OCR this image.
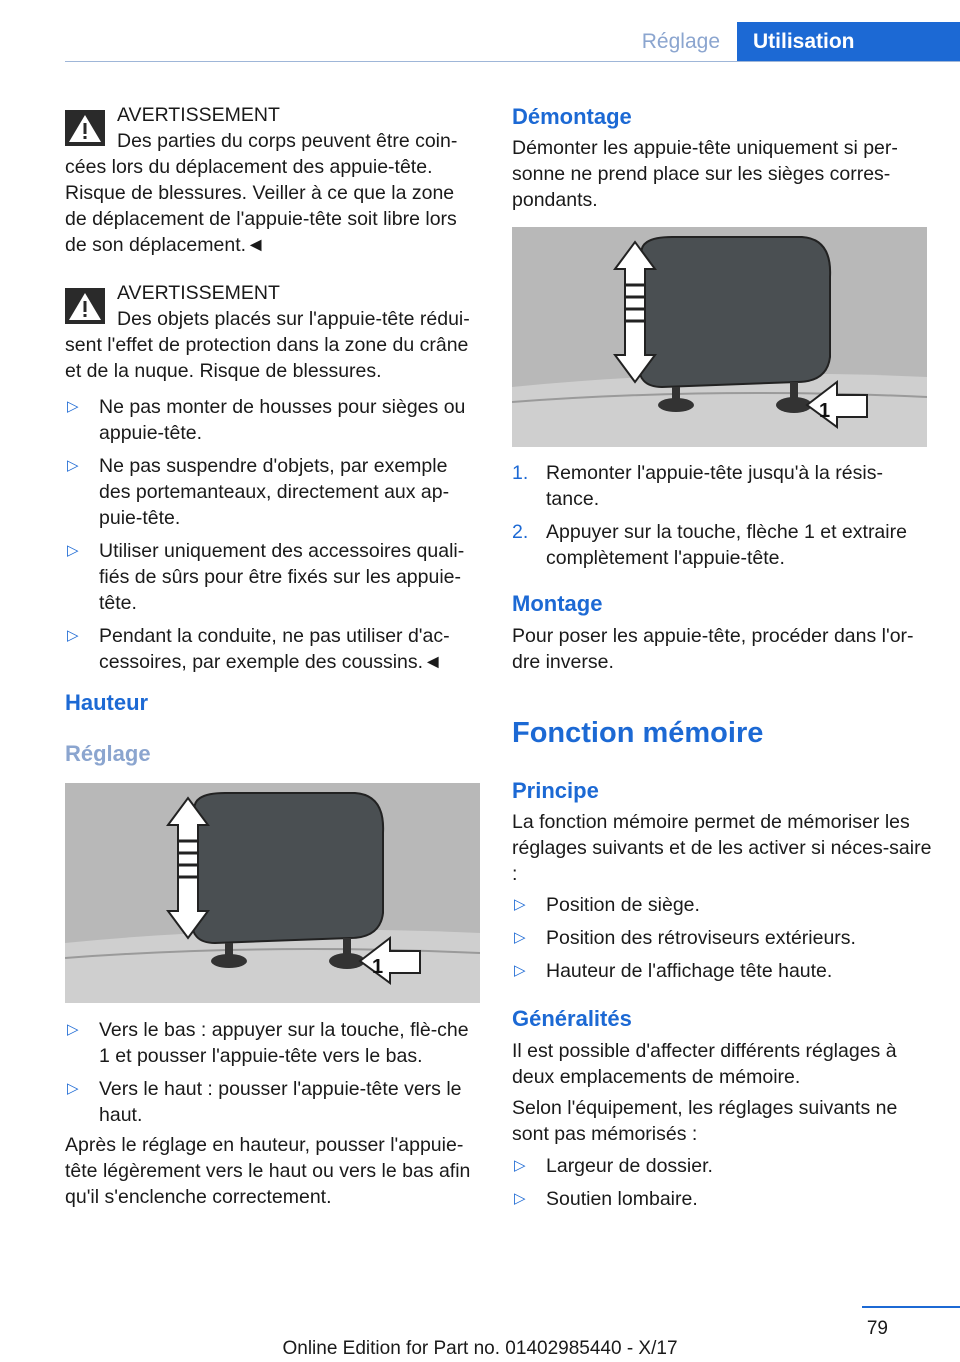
Réglage Utilisation

AVERTISSEMENT

Des parties du corps peuvent être coin-cées lors du déplacement des appuie-tête. Risque de blessures. Veiller à ce que la zone de déplacement de l'appuie-tête soit libre lors de son déplacement.◄

AVERTISSEMENT

Des objets placés sur l'appuie-tête rédui-sent l'effet de protection dans la zone du crâne et de la nuque. Risque de blessures.

▷ Ne pas monter de housses pour sièges ou appuie-tête.
▷ Ne pas suspendre d'objets, par exemple des portemanteaux, directement aux ap-puie-tête.
▷ Utiliser uniquement des accessoires quali-fiés de sûrs pour être fixés sur les appuie-tête.
▷ Pendant la conduite, ne pas utiliser d'ac-cessoires, par exemple des coussins.◄
Hauteur
Réglage
1
▷ Vers le bas : appuyer sur la touche, flè-che 1 et pousser l'appuie-tête vers le bas.
▷ Vers le haut : pousser l'appuie-tête vers le haut.

Après le réglage en hauteur, pousser l'appuie-tête légèrement vers le haut ou vers le bas afin qu'il s'enclenche correctement.

Démontage

Démonter les appuie-tête uniquement si per-sonne ne prend place sur les sièges corres-pondants.

1
1. Remonter l'appuie-tête jusqu'à la résis-tance.
2. Appuyer sur la touche, flèche 1 et extraire complètement l'appuie-tête.
Montage

Pour poser les appuie-tête, procéder dans l'or-dre inverse.

Fonction mémoire
Principe

La fonction mémoire permet de mémoriser les réglages suivants et de les activer si néces-saire :

▷ Position de siège.
▷ Position des rétroviseurs extérieurs.
▷ Hauteur de l'affichage tête haute.
Généralités

Il est possible d'affecter différents réglages à deux emplacements de mémoire.

Selon l'équipement, les réglages suivants ne sont pas mémorisés :

▷ Largeur de dossier.
▷ Soutien lombaire.
79
Online Edition for Part no. 01402985440 - X/17
